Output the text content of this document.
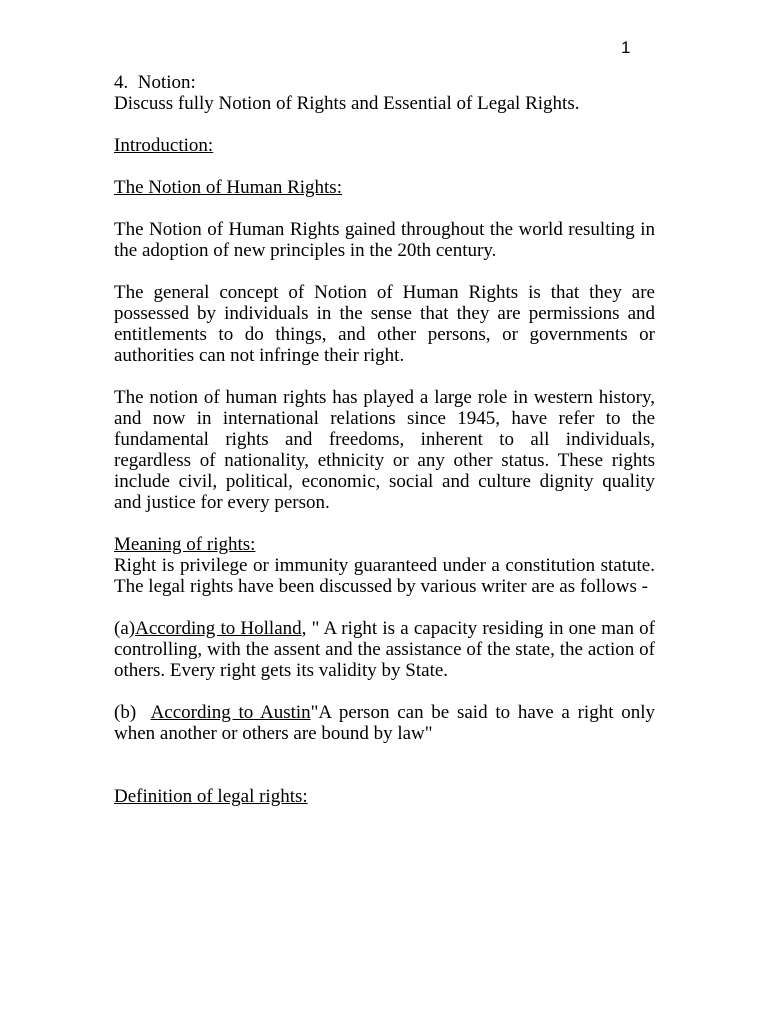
1

4. Notion:

Discuss fully Notion of Rights and Essential of Legal Rights.

Introduction:

The Notion of Human Rights:

The Notion of Human Rights gained throughout the world resulting in the adoption of new principles in the 20th century.

The general concept of Notion of Human Rights is that they are possessed by individuals in the sense that they are permissions and entitlements to do things, and other persons, or governments or authorities can not infringe their right.

The notion of human rights has played a large role in western history, and now in international relations since 1945, have refer to the fundamental rights and freedoms, inherent to all individuals, regardless of nationality, ethnicity or any other status. These rights include civil, political, economic, social and culture dignity quality and justice for every person.

Meaning of rights:

Right is privilege or immunity guaranteed under a constitution statute. The legal rights have been discussed by various writer are as follows -

(a)According to Holland, " A right is a capacity residing in one man of controlling, with the assent and the assistance of the state, the action of others. Every right gets its validity by State.

(b) According to Austin"A person can be said to have a right only when another or others are bound by law"

Definition of legal rights:
